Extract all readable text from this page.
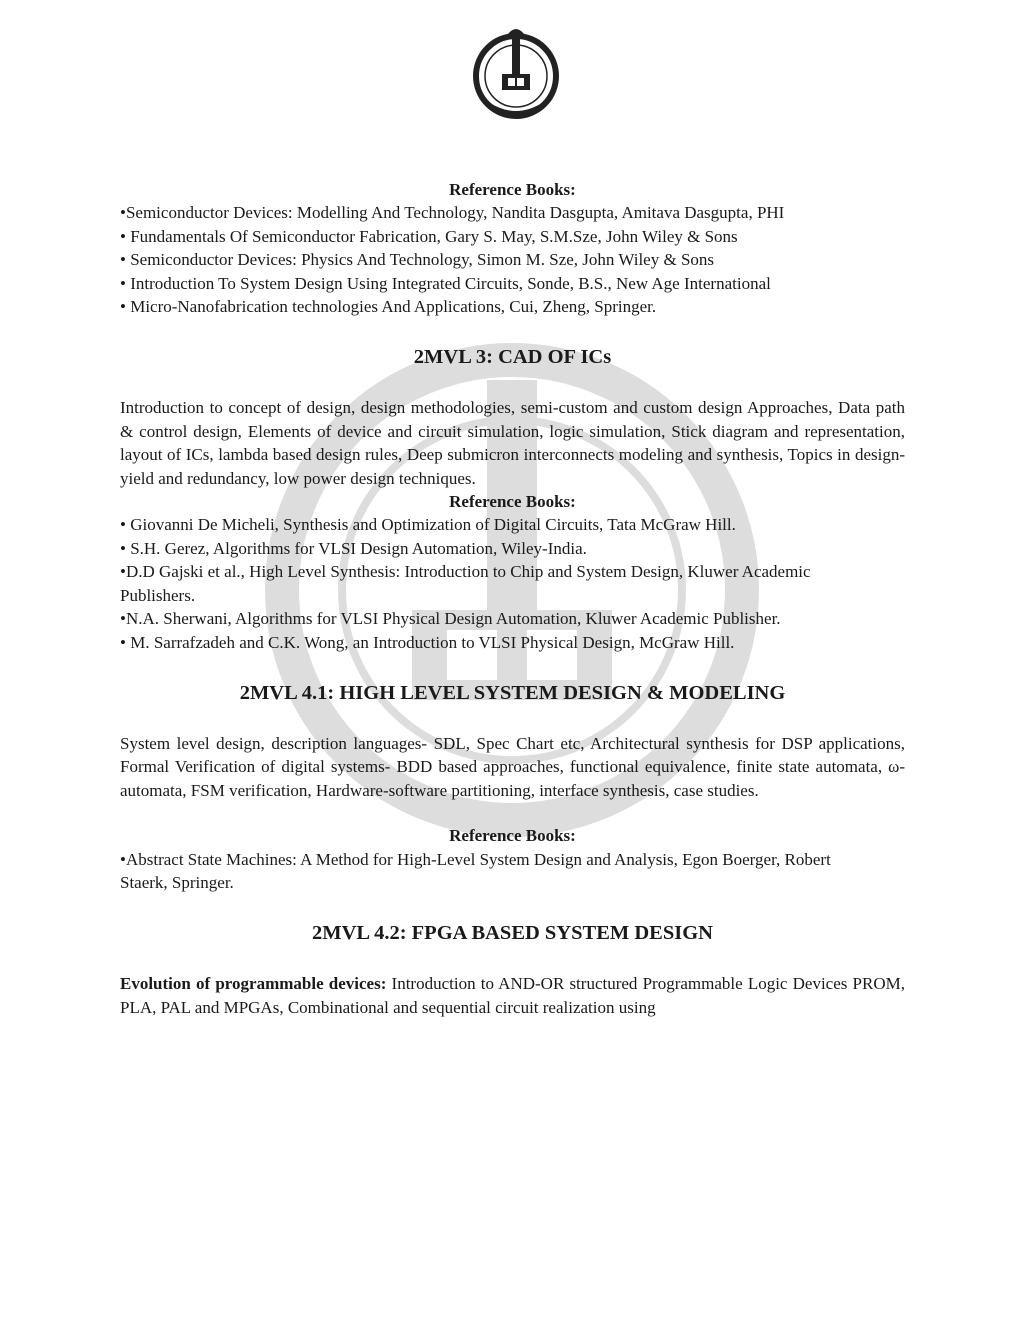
Reference Books:
•Semiconductor Devices: Modelling And Technology, Nandita Dasgupta, Amitava Dasgupta, PHI
• Fundamentals Of Semiconductor Fabrication, Gary S. May, S.M.Sze, John Wiley & Sons
• Semiconductor Devices: Physics And Technology, Simon M. Sze, John Wiley & Sons
• Introduction To System Design Using Integrated Circuits, Sonde, B.S., New Age International
• Micro-Nanofabrication technologies And Applications, Cui, Zheng, Springer.
2MVL 3: CAD OF ICs

Introduction to concept of design, design methodologies, semi-custom and custom design Approaches, Data path & control design, Elements of device and circuit simulation, logic simulation, Stick diagram and representation, layout of ICs, lambda based design rules, Deep submicron interconnects modeling and synthesis, Topics in design-yield and redundancy, low power design techniques.

Reference Books:
• Giovanni De Micheli, Synthesis and Optimization of Digital Circuits, Tata McGraw Hill.
• S.H. Gerez, Algorithms for VLSI Design Automation, Wiley-India.
•D.D Gajski et al., High Level Synthesis: Introduction to Chip and System Design, Kluwer Academic Publishers.
•N.A. Sherwani, Algorithms for VLSI Physical Design Automation, Kluwer Academic Publisher.
• M. Sarrafzadeh and C.K. Wong, an Introduction to VLSI Physical Design, McGraw Hill.
2MVL 4.1: HIGH LEVEL SYSTEM DESIGN & MODELING

System level design, description languages- SDL, Spec Chart etc, Architectural synthesis for DSP applications, Formal Verification of digital systems- BDD based approaches, functional equivalence, finite state automata, ω-automata, FSM verification, Hardware-software partitioning, interface synthesis, case studies.

Reference Books:
•Abstract State Machines: A Method for High-Level System Design and Analysis, Egon Boerger, Robert Staerk, Springer.
2MVL 4.2: FPGA BASED SYSTEM DESIGN

Evolution of programmable devices: Introduction to AND-OR structured Programmable Logic Devices PROM, PLA, PAL and MPGAs, Combinational and sequential circuit realization using
